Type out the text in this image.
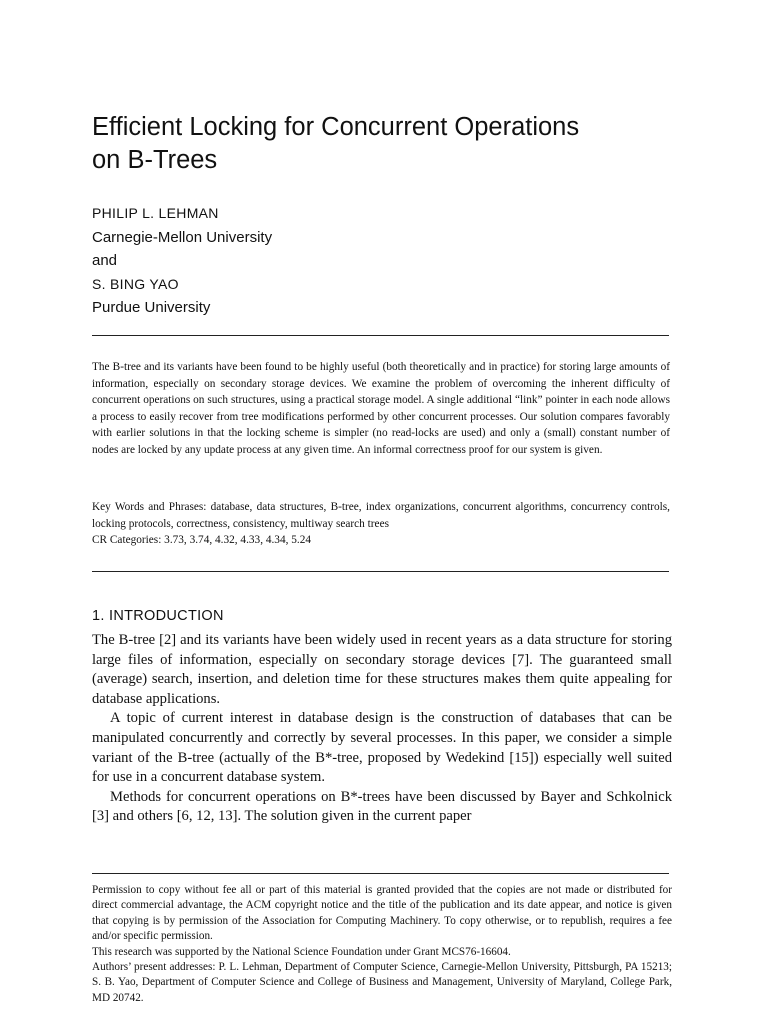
Efficient Locking for Concurrent Operations
on B-Trees
PHILIP L. LEHMAN
Carnegie-Mellon University
and
S. BING YAO
Purdue University

The B-tree and its variants have been found to be highly useful (both theoretically and in practice) for storing large amounts of information, especially on secondary storage devices. We examine the problem of overcoming the inherent difficulty of concurrent operations on such structures, using a practical storage model. A single additional “link” pointer in each node allows a process to easily recover from tree modifications performed by other concurrent processes. Our solution compares favorably with earlier solutions in that the locking scheme is simpler (no read-locks are used) and only a (small) constant number of nodes are locked by any update process at any given time. An informal correctness proof for our system is given.

Key Words and Phrases: database, data structures, B-tree, index organizations, concurrent algorithms, concurrency controls, locking protocols, correctness, consistency, multiway search trees

CR Categories: 3.73, 3.74, 4.32, 4.33, 4.34, 5.24

1. INTRODUCTION

The B-tree [2] and its variants have been widely used in recent years as a data structure for storing large files of information, especially on secondary storage devices [7]. The guaranteed small (average) search, insertion, and deletion time for these structures makes them quite appealing for database applications.

A topic of current interest in database design is the construction of databases that can be manipulated concurrently and correctly by several processes. In this paper, we consider a simple variant of the B-tree (actually of the B*-tree, proposed by Wedekind [15]) especially well suited for use in a concurrent database system.

Methods for concurrent operations on B*-trees have been discussed by Bayer and Schkolnick [3] and others [6, 12, 13]. The solution given in the current paper

Permission to copy without fee all or part of this material is granted provided that the copies are not made or distributed for direct commercial advantage, the ACM copyright notice and the title of the publication and its date appear, and notice is given that copying is by permission of the Association for Computing Machinery. To copy otherwise, or to republish, requires a fee and/or specific permission.

This research was supported by the National Science Foundation under Grant MCS76-16604.

Authors’ present addresses: P. L. Lehman, Department of Computer Science, Carnegie-Mellon University, Pittsburgh, PA 15213; S. B. Yao, Department of Computer Science and College of Business and Management, University of Maryland, College Park, MD 20742.
